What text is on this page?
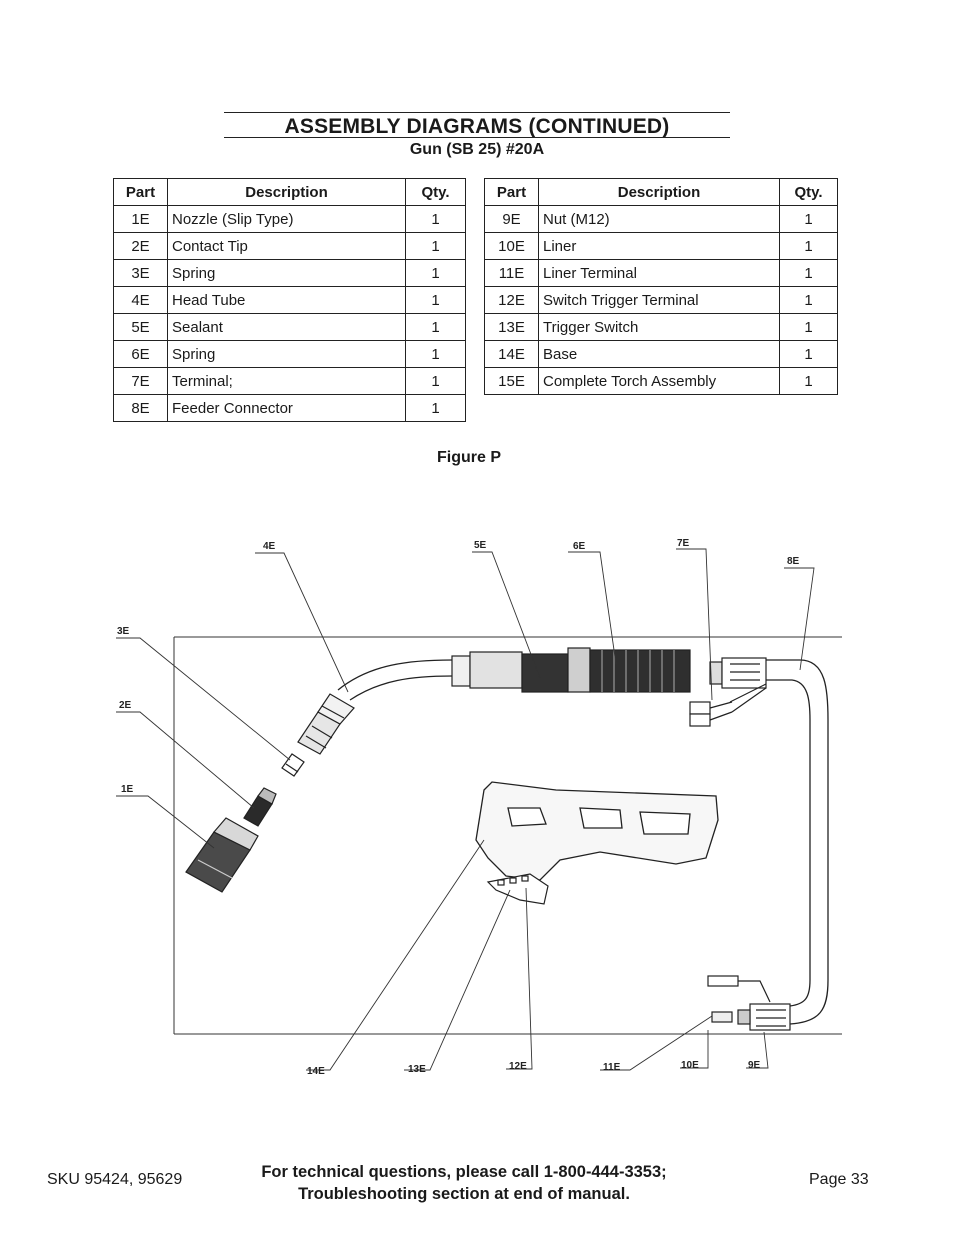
ASSEMBLY DIAGRAMS (CONTINUED)
Gun (SB 25) #20A
Part	Description	Qty.
1E	Nozzle (Slip Type)	1
2E	Contact Tip	1
3E	Spring	1
4E	Head Tube	1
5E	Sealant	1
6E	Spring	1
7E	Terminal;	1
8E	Feeder Connector	1
Part	Description	Qty.
9E	Nut (M12)	1
10E	Liner	1
11E	Liner Terminal	1
12E	Switch Trigger Terminal	1
13E	Trigger Switch	1
14E	Base	1
15E	Complete Torch Assembly	1
Figure P
4E	5E	6E	7E
8E
3E
2E
1E
14E	13E	12E	11E	10E	9E
SKU 95424, 95629	For technical questions, please call 1-800-444-3353;
Troubleshooting section at end of manual.
Page 33
